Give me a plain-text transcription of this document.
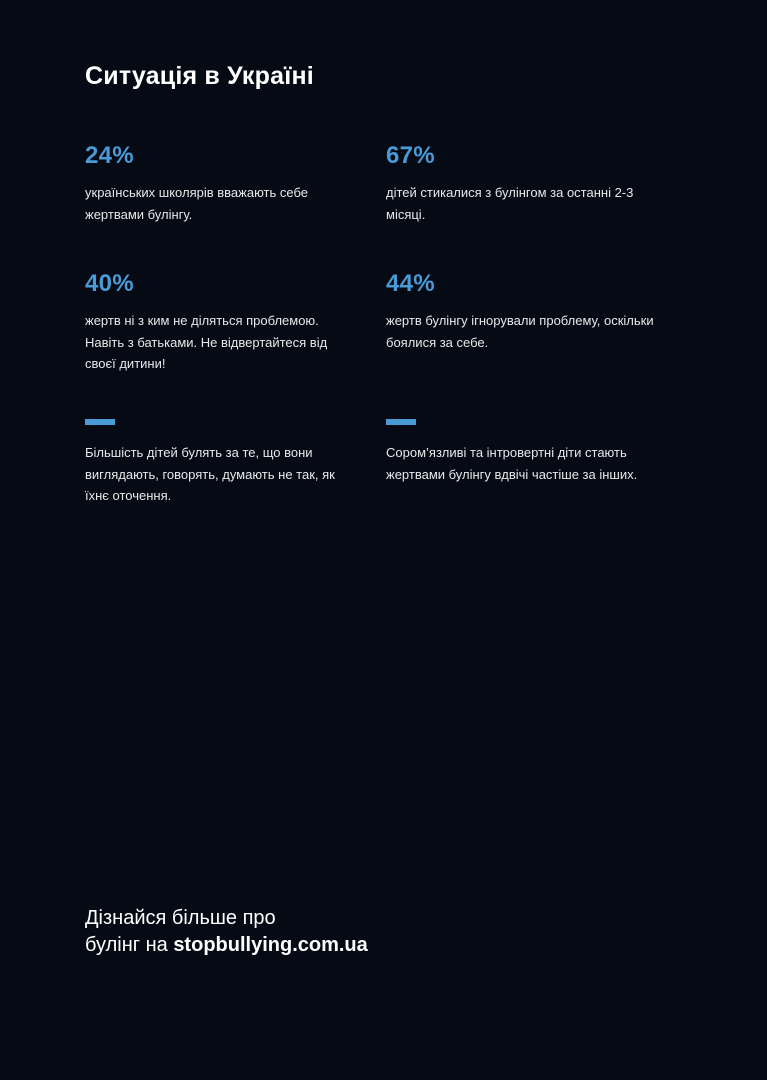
Ситуація в Україні
24%
українських школярів вважають себе жертвами булінгу.
67%
дітей стикалися з булінгом за останні 2-3 місяці.
40%
жертв ні з ким не діляться проблемою. Навіть з батьками. Не відвертайтеся від своєї дитини!
44%
жертв булінгу ігнорували проблему, оскільки боялися за себе.
Більшість дітей булять за те, що вони виглядають, говорять, думають не так, як їхнє оточення.
Сором’язливі та інтровертні діти стають жертвами булінгу вдвічі частіше за інших.
Дізнайся більше про
булінг на stopbullying.com.ua
